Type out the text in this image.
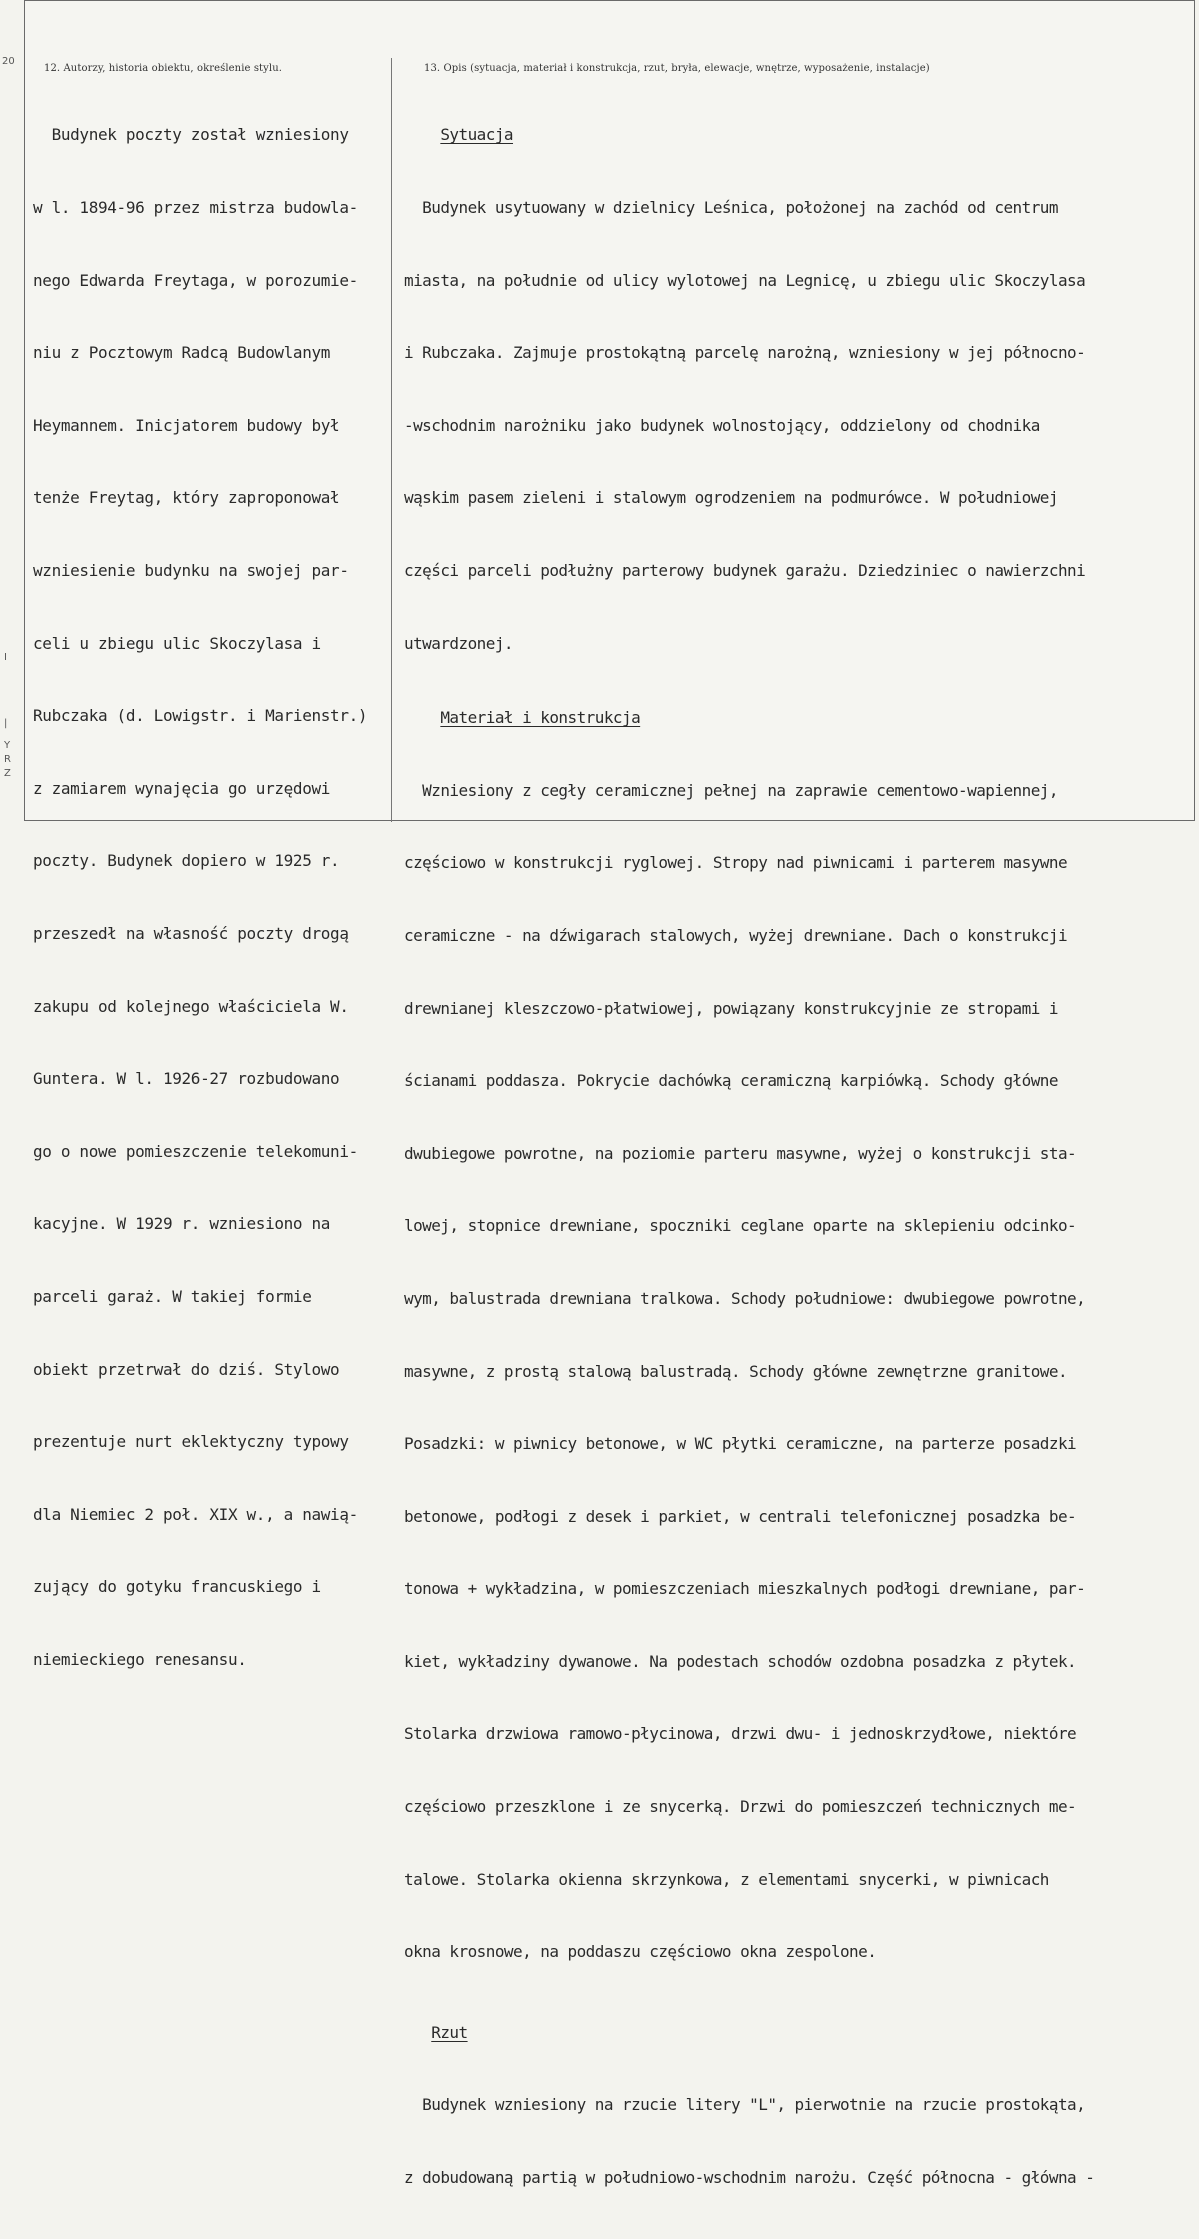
20
I
|
Y
R
Z
12. Autorzy, historia obiektu, określenie stylu.	13. Opis (sytuacja, materiał i konstrukcja, rzut, bryła, elewacje, wnętrze, wyposażenie, instalacje)

Budynek poczty został wzniesiony

w l. 1894-96 przez mistrza budowla-

nego Edwarda Freytaga, w porozumie-

niu z Pocztowym Radcą Budowlanym

Heymannem. Inicjatorem budowy był

tenże Freytag, który zaproponował

wzniesienie budynku na swojej par-

celi u zbiegu ulic Skoczylasa i

Rubczaka (d. Lowigstr. i Marienstr.)

z zamiarem wynajęcia go urzędowi

poczty. Budynek dopiero w 1925 r.

przeszedł na własność poczty drogą

zakupu od kolejnego właściciela W.

Guntera. W l. 1926-27 rozbudowano

go o nowe pomieszczenie telekomuni-

kacyjne. W 1929 r. wzniesiono na

parceli garaż. W takiej formie

obiekt przetrwał do dziś. Stylowo

prezentuje nurt eklektyczny typowy

dla Niemiec 2 poł. XIX w., a nawią-

zujący do gotyku francuskiego i

niemieckiego renesansu.

Sytuacja

Budynek usytuowany w dzielnicy Leśnica, położonej na zachód od centrum

miasta, na południe od ulicy wylotowej na Legnicę, u zbiegu ulic Skoczylasa

i Rubczaka. Zajmuje prostokątną parcelę narożną, wzniesiony w jej północno-

-wschodnim narożniku jako budynek wolnostojący, oddzielony od chodnika

wąskim pasem zieleni i stalowym ogrodzeniem na podmurówce. W południowej

części parceli podłużny parterowy budynek garażu. Dziedziniec o nawierzchni

utwardzonej.

Materiał i konstrukcja

Wzniesiony z cegły ceramicznej pełnej na zaprawie cementowo-wapiennej,

częściowo w konstrukcji ryglowej. Stropy nad piwnicami i parterem masywne

ceramiczne - na dźwigarach stalowych, wyżej drewniane. Dach o konstrukcji

drewnianej kleszczowo-płatwiowej, powiązany konstrukcyjnie ze stropami i

ścianami poddasza. Pokrycie dachówką ceramiczną karpiówką. Schody główne

dwubiegowe powrotne, na poziomie parteru masywne, wyżej o konstrukcji sta-

lowej, stopnice drewniane, spoczniki ceglane oparte na sklepieniu odcinko-

wym, balustrada drewniana tralkowa. Schody południowe: dwubiegowe powrotne,

masywne, z prostą stalową balustradą. Schody główne zewnętrzne granitowe.

Posadzki: w piwnicy betonowe, w WC płytki ceramiczne, na parterze posadzki

betonowe, podłogi z desek i parkiet, w centrali telefonicznej posadzka be-

tonowa + wykładzina, w pomieszczeniach mieszkalnych podłogi drewniane, par-

kiet, wykładziny dywanowe. Na podestach schodów ozdobna posadzka z płytek.

Stolarka drzwiowa ramowo-płycinowa, drzwi dwu- i jednoskrzydłowe, niektóre

częściowo przeszklone i ze snycerką. Drzwi do pomieszczeń technicznych me-

talowe. Stolarka okienna skrzynkowa, z elementami snycerki, w piwnicach

okna krosnowe, na poddaszu częściowo okna zespolone.

Rzut

Budynek wzniesiony na rzucie litery "L", pierwotnie na rzucie prostokąta,

z dobudowaną partią w południowo-wschodnim narożu. Część północna - główna -
